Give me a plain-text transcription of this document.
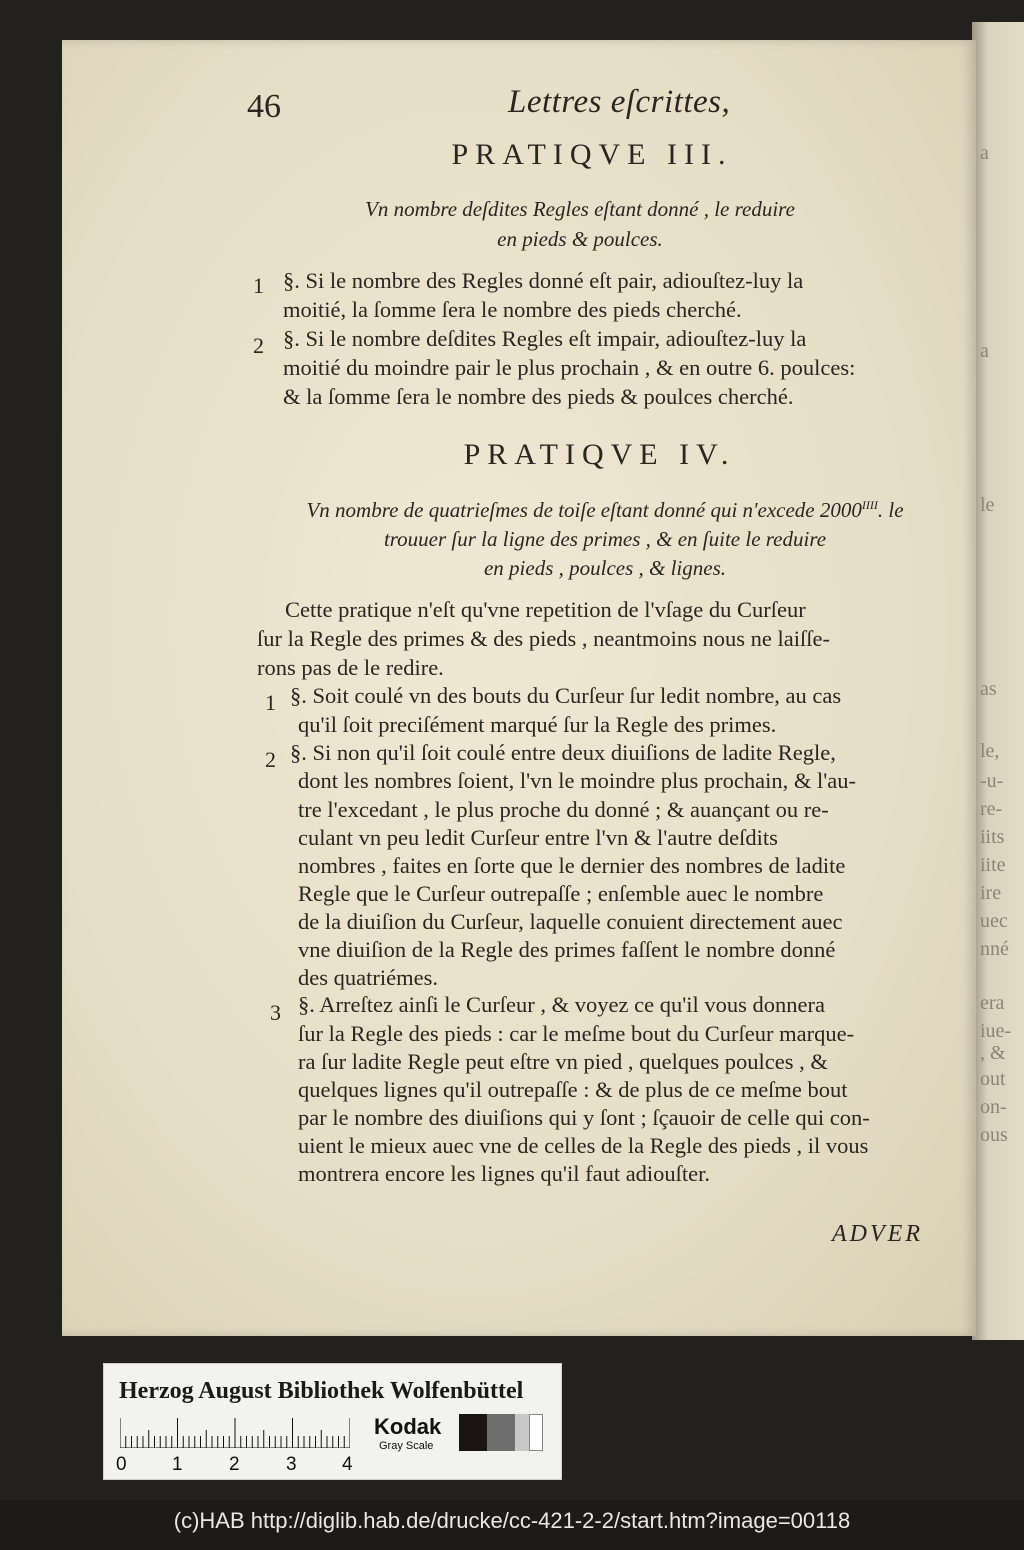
a
a
le
as
le,
-u-
re-
iits
iite
ire
uec
nné
era
iue-
, &
out
on-
ous
46	Lettres eſcrittes,
PRATIQVE III.
Vn nombre deſdites Regles eſtant donné , le reduire
en pieds & poulces.
1 §. Si le nombre des Regles donné eſt pair, adiouſtez-luy la
moitié, la ſomme ſera le nombre des pieds cherché.
2 §. Si le nombre deſdites Regles eſt impair, adiouſtez-luy la
moitié du moindre pair le plus prochain , & en outre 6. poulces:
& la ſomme ſera le nombre des pieds & poulces cherché.
PRATIQVE IV.
Vn nombre de quatrieſmes de toiſe eſtant donné qui n'excede $2000^{IIII}$. le
trouuer ſur la ligne des primes , & en ſuite le reduire
en pieds , poulces , & lignes.
Cette pratique n'eſt qu'vne repetition de l'vſage du Curſeur
ſur la Regle des primes & des pieds , neantmoins nous ne laiſſe-
rons pas de le redire.
1 §. Soit coulé vn des bouts du Curſeur ſur ledit nombre, au cas
qu'il ſoit preciſément marqué ſur la Regle des primes.
2 §. Si non qu'il ſoit coulé entre deux diuiſions de ladite Regle,
dont les nombres ſoient, l'vn le moindre plus prochain, & l'au-
tre l'excedant , le plus proche du donné ; & auançant ou re-
culant vn peu ledit Curſeur entre l'vn & l'autre deſdits
nombres , faites en ſorte que le dernier des nombres de ladite
Regle que le Curſeur outrepaſſe ; enſemble auec le nombre
de la diuiſion du Curſeur, laquelle conuient directement auec
vne diuiſion de la Regle des primes faſſent le nombre donné
des quatriémes.
3 §. Arreſtez ainſi le Curſeur , & voyez ce qu'il vous donnera
ſur la Regle des pieds : car le meſme bout du Curſeur marque-
ra ſur ladite Regle peut eſtre vn pied , quelques poulces , &
quelques lignes qu'il outrepaſſe : & de plus de ce meſme bout
par le nombre des diuiſions qui y ſont ; ſçauoir de celle qui con-
uient le mieux auec vne de celles de la Regle des pieds , il vous
montrera encore les lignes qu'il faut adiouſter.
ADVER
Herzog August Bibliothek Wolfenbüttel
0 1 2 3 4
Kodak
Gray Scale
(c)HAB http://diglib.hab.de/drucke/cc-421-2-2/start.htm?image=00118
